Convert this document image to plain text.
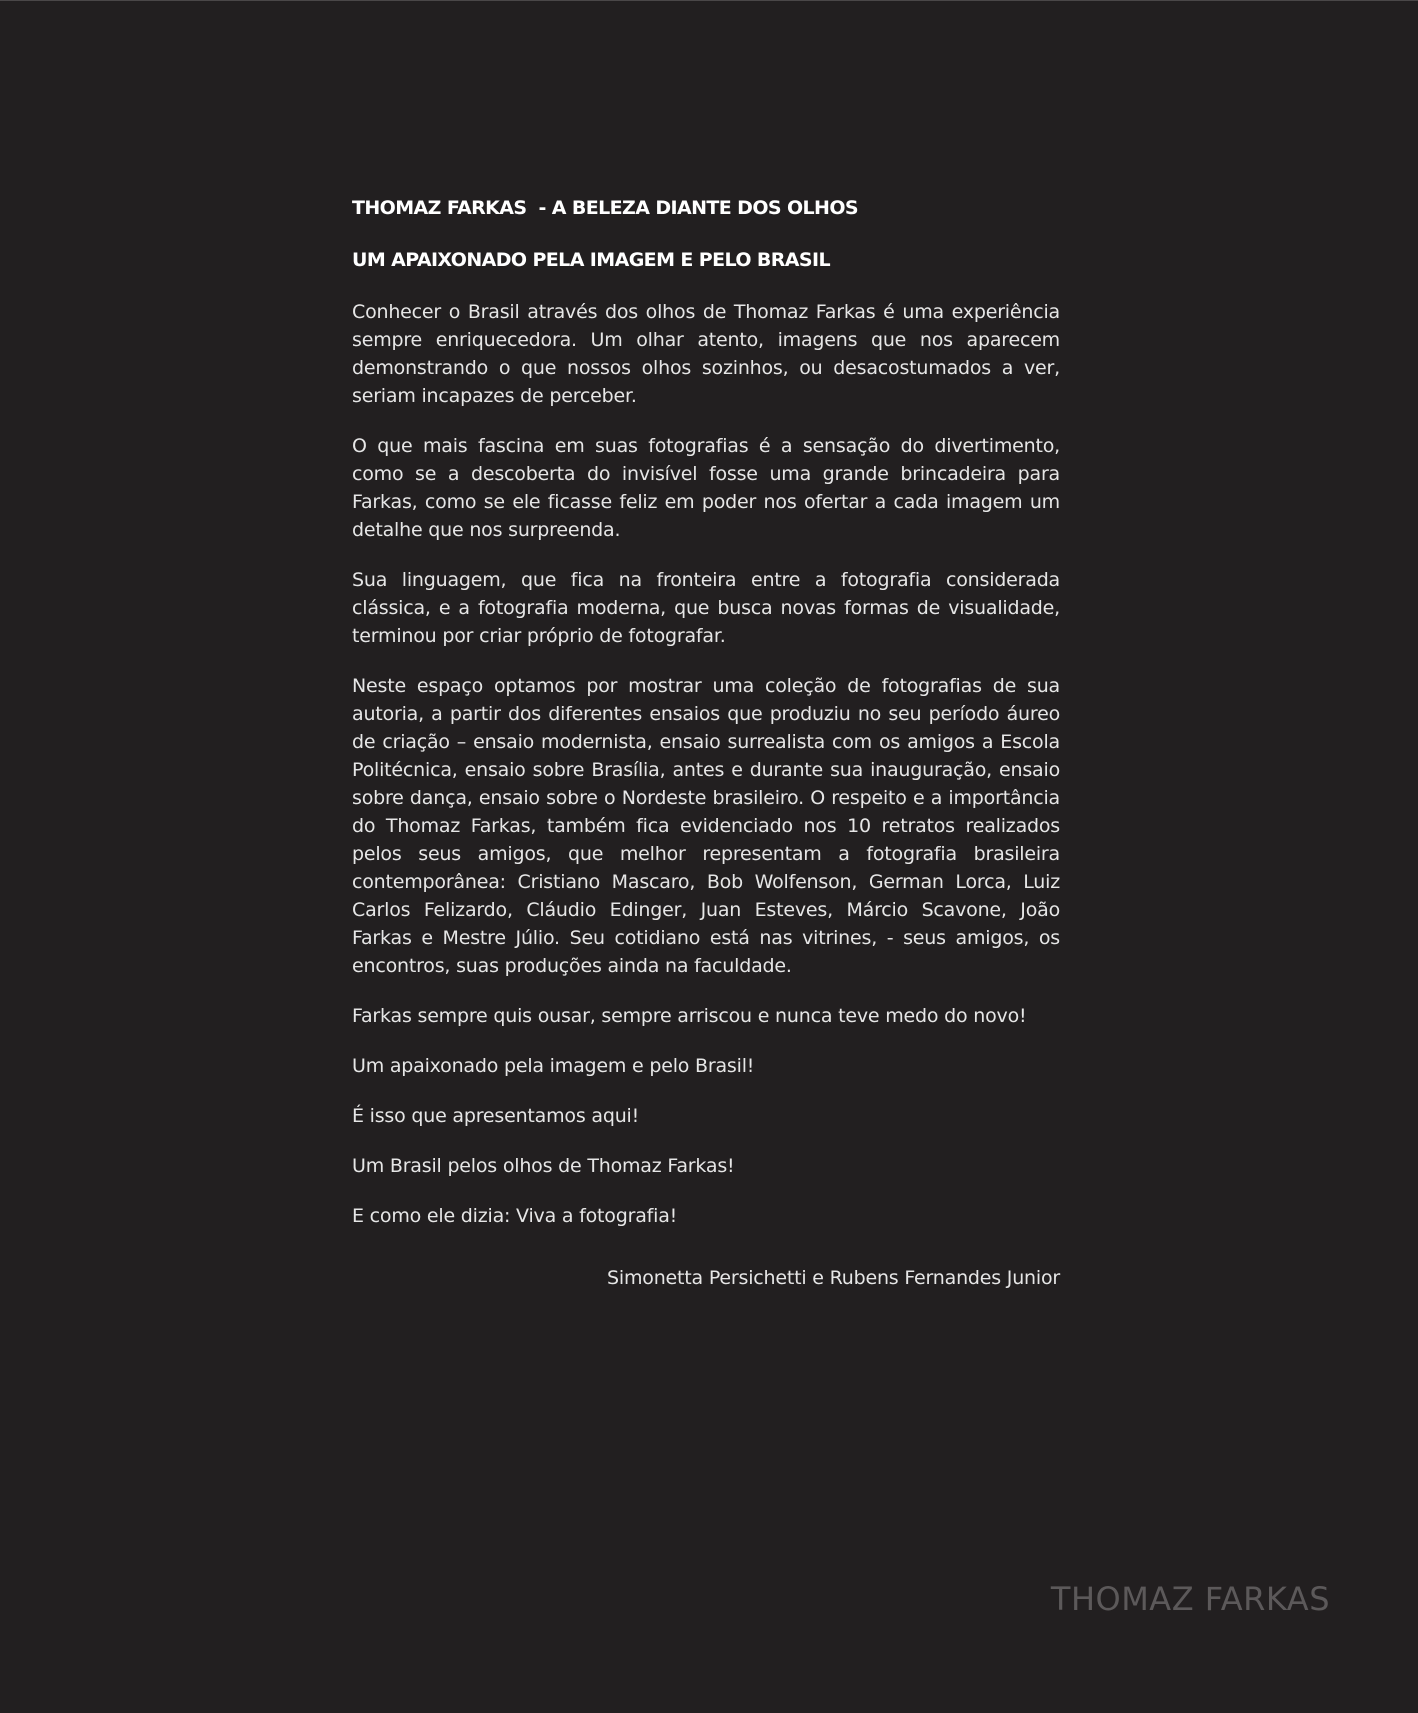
THOMAZ FARKAS  - A BELEZA DIANTE DOS OLHOS
UM APAIXONADO PELA IMAGEM E PELO BRASIL

Conhecer o Brasil através dos olhos de Thomaz Farkas é uma experiência sempre enriquecedora. Um olhar atento, imagens que nos aparecem demonstrando o que nossos olhos sozinhos, ou desacostumados a ver, seriam incapazes de perceber.

O que mais fascina em suas fotografias é a sensação do divertimento, como se a descoberta do invisível fosse uma grande brincadeira para Farkas, como se ele ficasse feliz em poder nos ofertar a cada imagem um detalhe que nos surpreenda.

Sua linguagem, que fica na fronteira entre a fotografia considerada clássica, e a fotografia moderna, que busca novas formas de visualidade, terminou por criar próprio de fotografar.

Neste espaço optamos por mostrar uma coleção de fotografias de sua autoria, a partir dos diferentes ensaios que produziu no seu período áureo de criação – ensaio modernista, ensaio surrealista com os amigos a Escola Politécnica, ensaio sobre Brasília, antes e durante sua inauguração, ensaio sobre dança, ensaio sobre o Nordeste brasileiro. O respeito e a importância do Thomaz Farkas, também fica evidenciado nos 10 retratos realizados pelos seus amigos, que melhor representam a fotografia brasileira contemporânea: Cristiano Mascaro, Bob Wolfenson, German Lorca, Luiz Carlos Felizardo, Cláudio Edinger, Juan Esteves, Márcio Scavone, João Farkas e Mestre Júlio. Seu cotidiano está nas vitrines, - seus amigos, os encontros, suas produções ainda na faculdade.

Farkas sempre quis ousar, sempre arriscou e nunca teve medo do novo!

Um apaixonado pela imagem e pelo Brasil!

É isso que apresentamos aqui!

Um Brasil pelos olhos de Thomaz Farkas!

E como ele dizia: Viva a fotografia!

Simonetta Persichetti e Rubens Fernandes Junior
THOMAZ FARKAS
